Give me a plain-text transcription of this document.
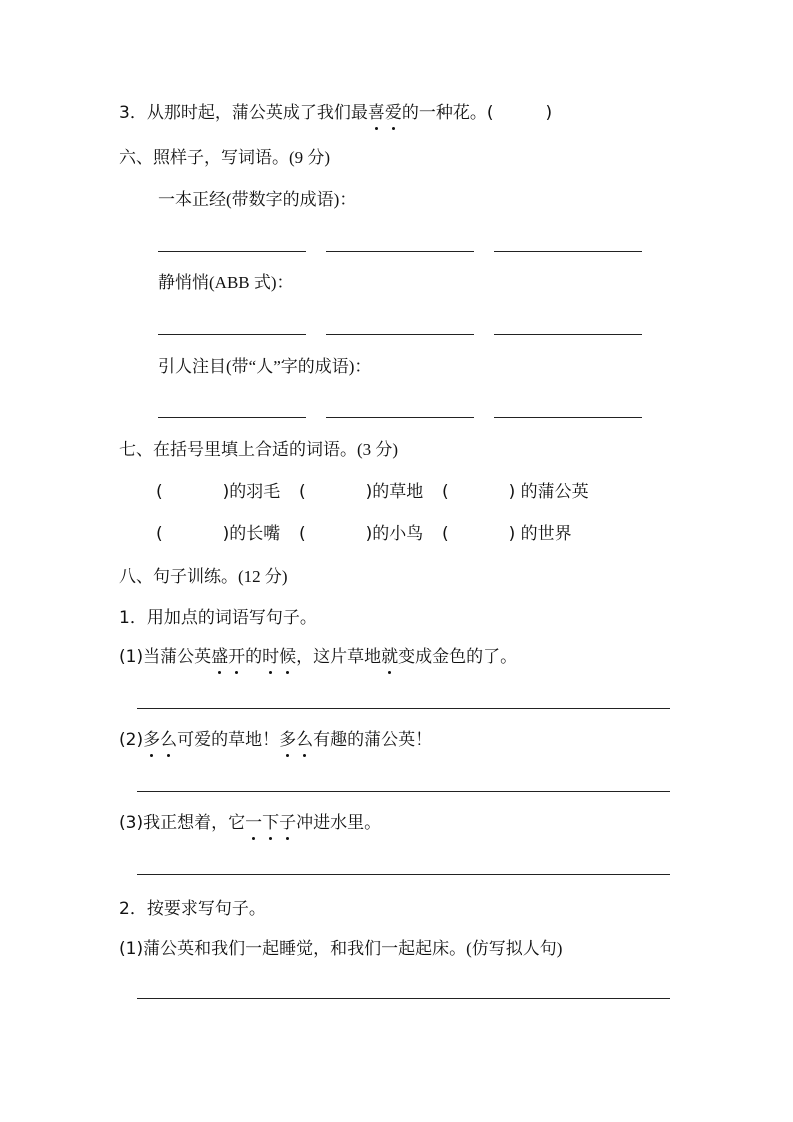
3．从那时起，蒲公英成了我们最喜爱的一种花。(	)
六、照样子，写词语。(9 分)
一本正经(带数字的成语)：
静悄悄(ABB 式)：
引人注目(带“人”字的成语)：
七、在括号里填上合适的词语。(3 分)
(	)的羽毛 (	)的草地 (	) 的蒲公英
(	)的长嘴 (	)的小鸟 (	) 的世界
八、句子训练。(12 分)
1．用加点的词语写句子。
(1)当蒲公英盛开的时候，这片草地就变成金色的了。
(2)多么可爱的草地！多么有趣的蒲公英！
(3)我正想着，它一下子冲进水里。
2．按要求写句子。
(1)蒲公英和我们一起睡觉，和我们一起起床。(仿写拟人句)
